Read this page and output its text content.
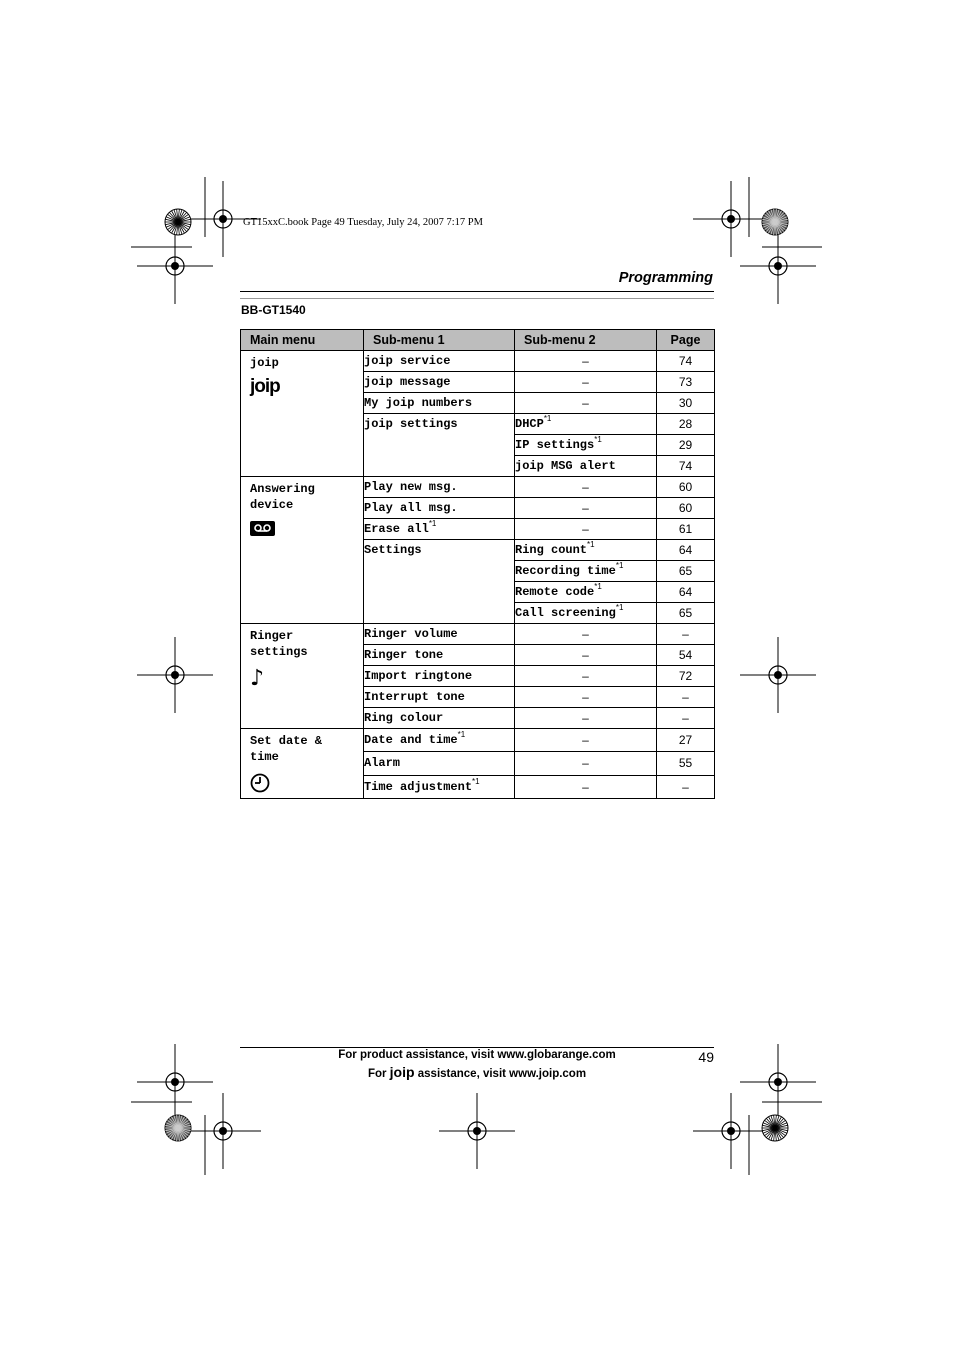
GT15xxC.book Page 49 Tuesday, July 24, 2007 7:17 PM
Programming
BB-GT1540
Main menu	Sub-menu 1	Sub-menu 2	Page

joip
joip	joip service	–	74
	joip message	–	73
	My joip numbers	–	30
	joip settings	DHCP$^{*1}$	28
		IP settings$^{*1}$	29
		joip MSG alert	74

Answering
device	Play new msg.	–	60
	Play all msg.	–	60
	Erase all$^{*1}$	–	61
	Settings	Ring count$^{*1}$	64
		Recording time$^{*1}$	65
		Remote code$^{*1}$	64
		Call screening$^{*1}$	65

Ringer
settings
♪	Ringer volume	–	–
	Ringer tone	–	54
	Import ringtone	–	72
	Interrupt tone	–	–
	Ring colour	–	–

Set date &
time	Date and time$^{*1}$	–	27
	Alarm	–	55
	Time adjustment$^{*1}$	–	–
For product assistance, visit www.globarange.com
For joip assistance, visit www.joip.com
49
